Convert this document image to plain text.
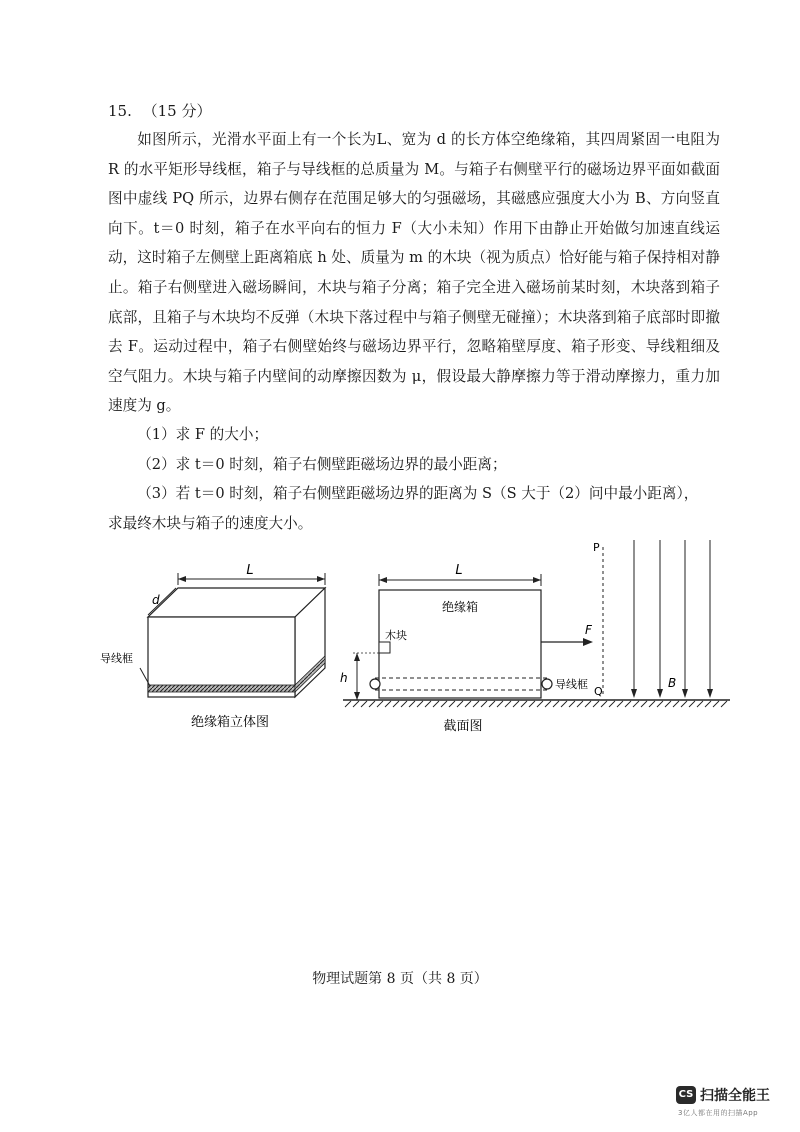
15. （15 分）

如图所示，光滑水平面上有一个长为L、宽为 d 的长方体空绝缘箱，其四周紧固一电阻为 R 的水平矩形导线框，箱子与导线框的总质量为 M。与箱子右侧壁平行的磁场边界平面如截面图中虚线 PQ 所示，边界右侧存在范围足够大的匀强磁场，其磁感应强度大小为 B、方向竖直向下。t＝0 时刻，箱子在水平向右的恒力 F（大小未知）作用下由静止开始做匀加速直线运动，这时箱子左侧壁上距离箱底 h 处、质量为 m 的木块（视为质点）恰好能与箱子保持相对静止。箱子右侧壁进入磁场瞬间，木块与箱子分离；箱子完全进入磁场前某时刻，木块落到箱子底部，且箱子与木块均不反弹（木块下落过程中与箱子侧壁无碰撞）；木块落到箱子底部时即撤去 F。运动过程中，箱子右侧壁始终与磁场边界平行，忽略箱壁厚度、箱子形变、导线粗细及空气阻力。木块与箱子内壁间的动摩擦因数为 μ，假设最大静摩擦力等于滑动摩擦力，重力加速度为 g。

（1）求 F 的大小；

（2）求 t＝0 时刻，箱子右侧壁距磁场边界的最小距离；

（3）若 t＝0 时刻，箱子右侧壁距磁场边界的距离为 S（S 大于（2）问中最小距离），

求最终木块与箱子的速度大小。

L
d
导线框
绝缘箱立体图
L
绝缘箱
木块
h	导线框
F
P
Q
B
截面图
物理试题第 8 页（共 8 页）
CS 扫描全能王
3亿人都在用的扫描App
